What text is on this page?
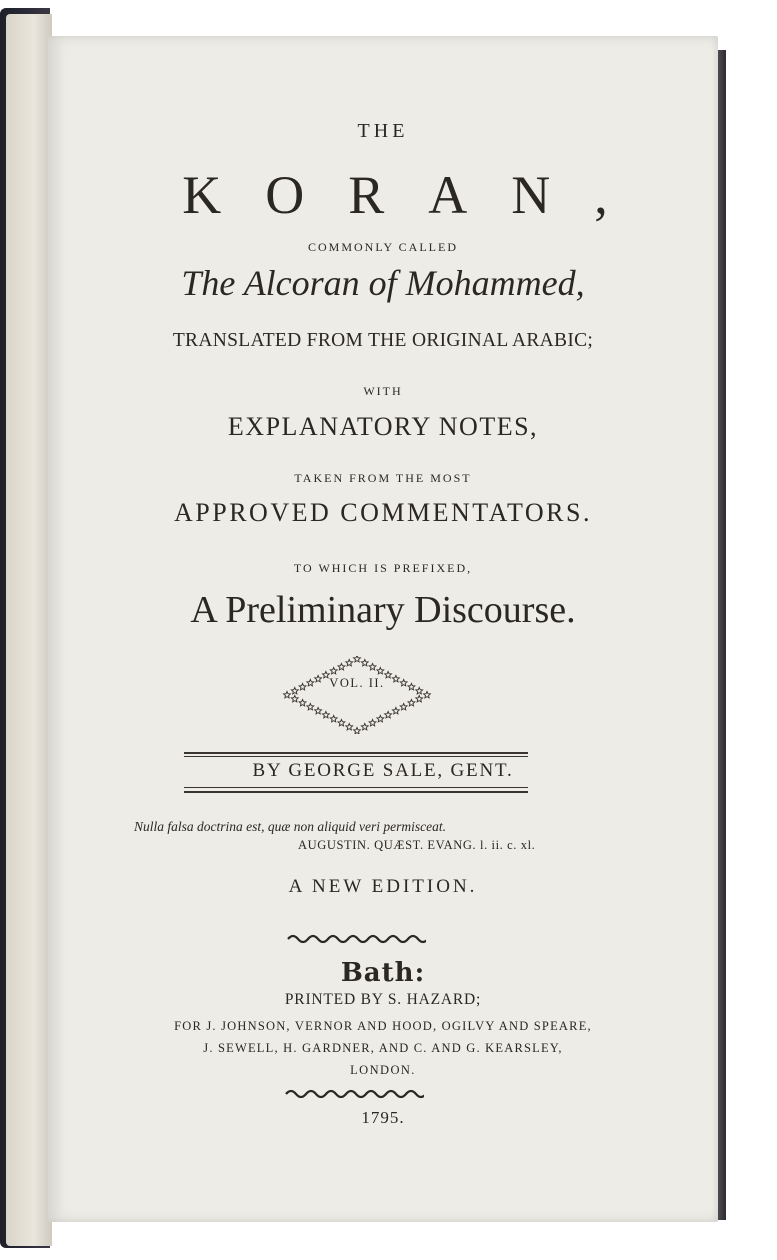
THE
KORAN,
COMMONLY CALLED
The Alcoran of Mohammed,
TRANSLATED FROM THE ORIGINAL ARABIC;
WITH
EXPLANATORY NOTES,
TAKEN FROM THE MOST
APPROVED COMMENTATORS.
TO WHICH IS PREFIXED,
A Preliminary Discourse.
VOL. II.
BY GEORGE SALE, GENT.
Nulla falsa doctrina est, quæ non aliquid veri permisceat.
AUGUSTIN. QUÆST. EVANG. l. ii. c. xl.
A NEW EDITION.
Bath:
PRINTED BY S. HAZARD;
FOR J. JOHNSON, VERNOR AND HOOD, OGILVY AND SPEARE,
J. SEWELL, H. GARDNER, AND C. AND G. KEARSLEY,
LONDON.
1795.
